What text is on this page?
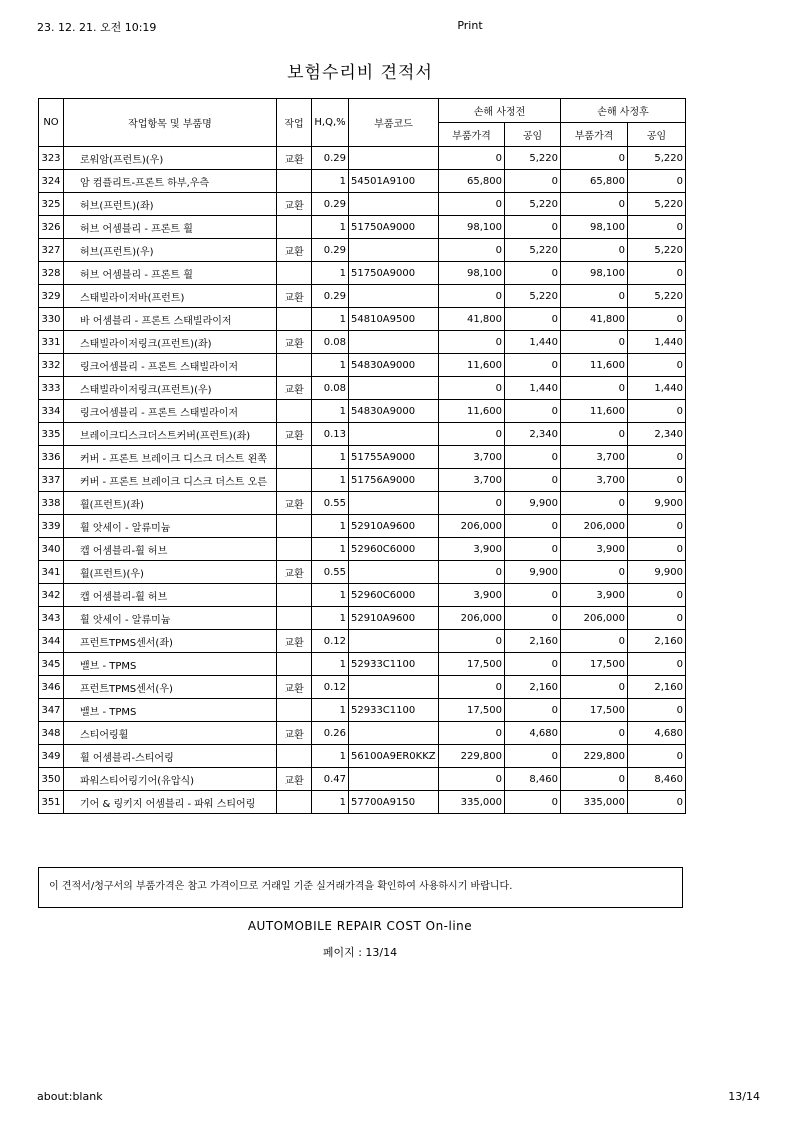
23. 12. 21. 오전 10:19	Print
보험수리비 견적서
NO	작업항목 및 부품명	작업	H,Q,%	부품코드	손해 사정전		손해 사정후	
					부품가격	공임	부품가격	공임
323	로워암(프런트)(우)	교환	0.29		0	5,220	0	5,220
324	암 컴플리트-프론트 하부,우측		1	54501A9100	65,800	0	65,800	0
325	허브(프런트)(좌)	교환	0.29		0	5,220	0	5,220
326	허브 어셈블리 - 프론트 휠		1	51750A9000	98,100	0	98,100	0
327	허브(프런트)(우)	교환	0.29		0	5,220	0	5,220
328	허브 어셈블리 - 프론트 휠		1	51750A9000	98,100	0	98,100	0
329	스태빌라이저바(프런트)	교환	0.29		0	5,220	0	5,220
330	바 어셈블리 - 프론트 스태빌라이저		1	54810A9500	41,800	0	41,800	0
331	스태빌라이저링크(프런트)(좌)	교환	0.08		0	1,440	0	1,440
332	링크어셈블리 - 프론트 스태빌라이저		1	54830A9000	11,600	0	11,600	0
333	스태빌라이저링크(프런트)(우)	교환	0.08		0	1,440	0	1,440
334	링크어셈블리 - 프론트 스태빌라이저		1	54830A9000	11,600	0	11,600	0
335	브레이크디스크더스트커버(프런트)(좌)	교환	0.13		0	2,340	0	2,340
336	커버 - 프론트 브레이크 디스크 더스트 왼쪽		1	51755A9000	3,700	0	3,700	0
337	커버 - 프론트 브레이크 디스크 더스트 오른		1	51756A9000	3,700	0	3,700	0
338	휠(프런트)(좌)	교환	0.55		0	9,900	0	9,900
339	휠 앗세이 - 알류미늄		1	52910A9600	206,000	0	206,000	0
340	캡 어셈블리-휠 허브		1	52960C6000	3,900	0	3,900	0
341	휠(프런트)(우)	교환	0.55		0	9,900	0	9,900
342	캡 어셈블리-휠 허브		1	52960C6000	3,900	0	3,900	0
343	휠 앗세이 - 알류미늄		1	52910A9600	206,000	0	206,000	0
344	프런트TPMS센서(좌)	교환	0.12		0	2,160	0	2,160
345	밸브 - TPMS		1	52933C1100	17,500	0	17,500	0
346	프런트TPMS센서(우)	교환	0.12		0	2,160	0	2,160
347	밸브 - TPMS		1	52933C1100	17,500	0	17,500	0
348	스티어링휠	교환	0.26		0	4,680	0	4,680
349	휠 어셈블리-스티어링		1	56100A9ER0KKZ	229,800	0	229,800	0
350	파워스티어링기어(유압식)	교환	0.47		0	8,460	0	8,460
351	기어 & 링키지 어셈블리 - 파워 스티어링		1	57700A9150	335,000	0	335,000	0
이 견적서/청구서의 부품가격은 참고 가격이므로 거래일 기준 실거래가격을 확인하여 사용하시기 바랍니다.
AUTOMOBILE REPAIR COST On-line
페이지 : 13/14
about:blank	13/14
